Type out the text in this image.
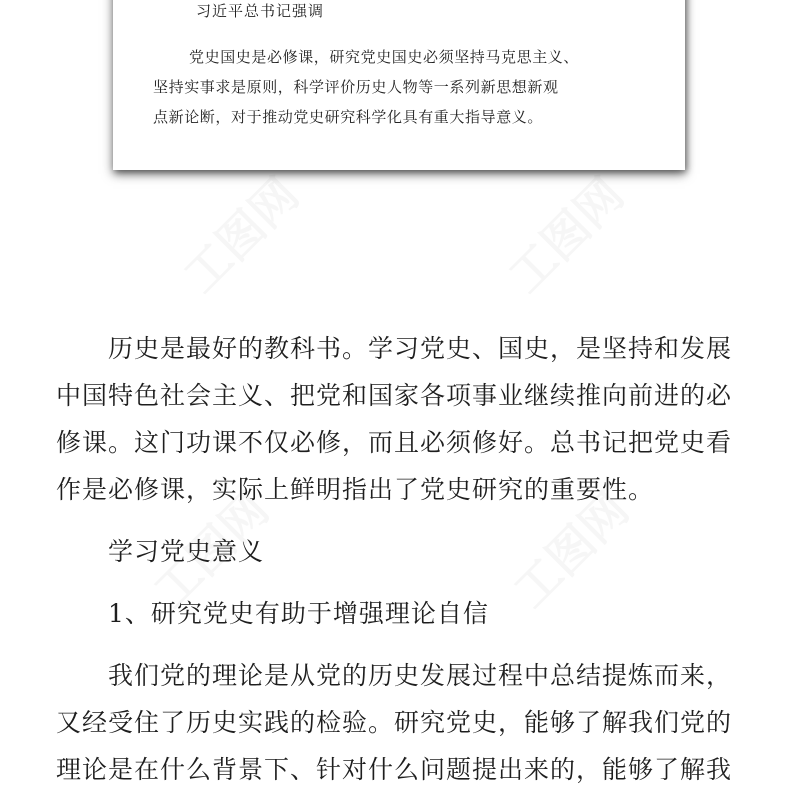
习近平总书记强调
党史国史是必修课，研究党史国史必须坚持马克思主义、
坚持实事求是原则，科学评价历史人物等一系列新思想新观
点新论断，对于推动党史研究科学化具有重大指导意义。
历史是最好的教科书。学习党史、国史，是坚持和发展
中国特色社会主义、把党和国家各项事业继续推向前进的必
修课。这门功课不仅必修，而且必须修好。总书记把党史看
作是必修课，实际上鲜明指出了党史研究的重要性。
学习党史意义
1、研究党史有助于增强理论自信
我们党的理论是从党的历史发展过程中总结提炼而来，
又经受住了历史实践的检验。研究党史，能够了解我们党的
理论是在什么背景下、针对什么问题提出来的，能够了解我
